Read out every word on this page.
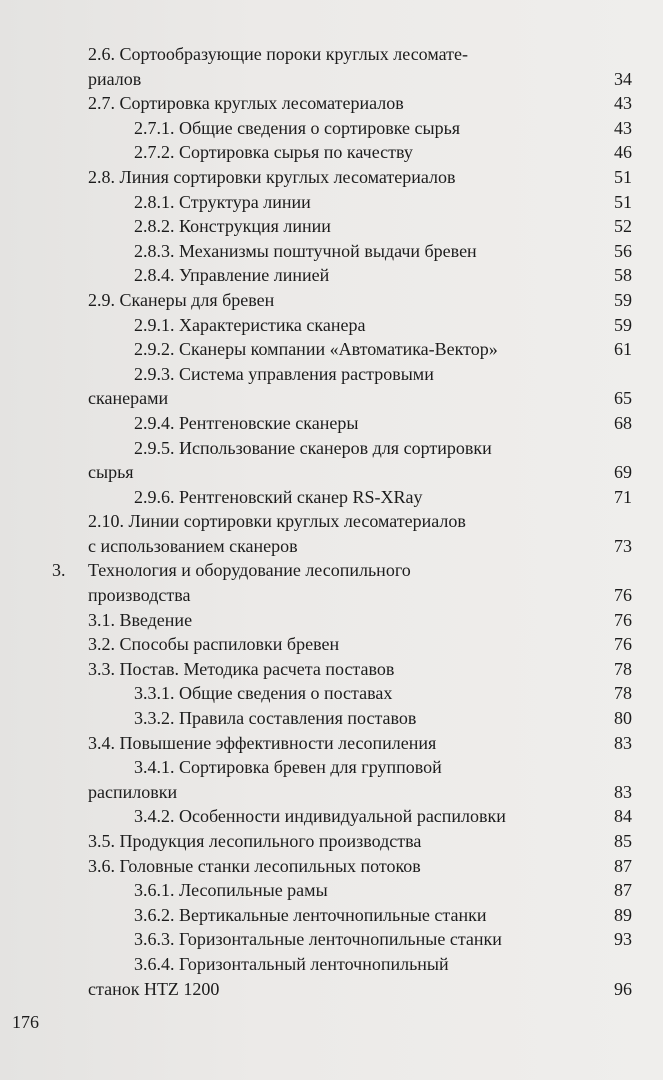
2.6. Сортообразующие пороки круглых лесомате-
риалов	34
2.7. Сортировка круглых лесоматериалов	43
2.7.1. Общие сведения о сортировке сырья	43
2.7.2. Сортировка сырья по качеству	46
2.8. Линия сортировки круглых лесоматериалов	51
2.8.1. Структура линии	51
2.8.2. Конструкция линии	52
2.8.3. Механизмы поштучной выдачи бревен	56
2.8.4. Управление линией	58
2.9. Сканеры для бревен	59
2.9.1. Характеристика сканера	59
2.9.2. Сканеры компании «Автоматика-Вектор»	61
2.9.3. Система управления растровыми
сканерами	65
2.9.4. Рентгеновские сканеры	68
2.9.5. Использование сканеров для сортировки
сырья	69
2.9.6. Рентгеновский сканер RS-XRay	71
2.10. Линии сортировки круглых лесоматериалов
с использованием сканеров	73
3. Технология и оборудование лесопильного
производства	76
3.1. Введение	76
3.2. Способы распиловки бревен	76
3.3. Постав. Методика расчета поставов	78
3.3.1. Общие сведения о поставах	78
3.3.2. Правила составления поставов	80
3.4. Повышение эффективности лесопиления	83
3.4.1. Сортировка бревен для групповой
распиловки	83
3.4.2. Особенности индивидуальной распиловки	84
3.5. Продукция лесопильного производства	85
3.6. Головные станки лесопильных потоков	87
3.6.1. Лесопильные рамы	87
3.6.2. Вертикальные ленточнопильные станки	89
3.6.3. Горизонтальные ленточнопильные станки	93
3.6.4. Горизонтальный ленточнопильный
станок HTZ 1200	96
176
